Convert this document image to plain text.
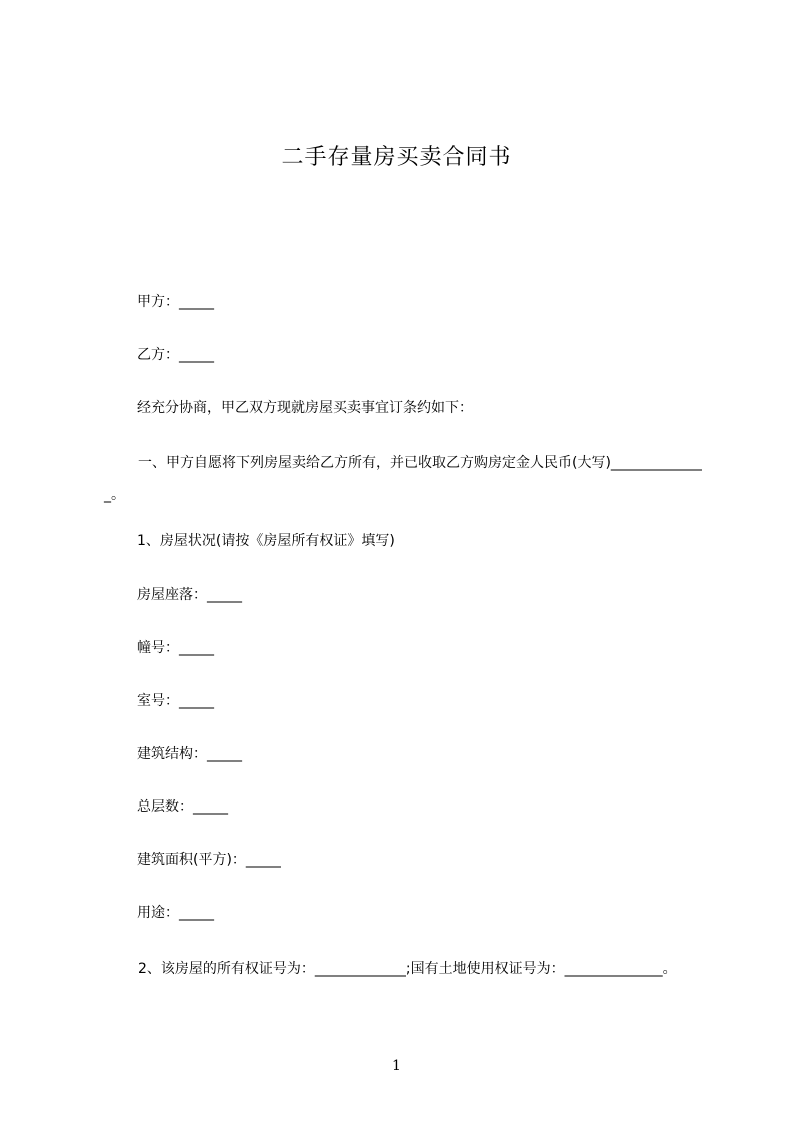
二手存量房买卖合同书
甲方：_____
乙方：_____
经充分协商，甲乙双方现就房屋买卖事宜订条约如下：
一、甲方自愿将下列房屋卖给乙方所有，并已收取乙方购房定金人民币(大写)______________。
1、房屋状况(请按《房屋所有权证》填写)
房屋座落：_____
幢号：_____
室号：_____
建筑结构：_____
总层数：_____
建筑面积(平方)：_____
用途：_____
2、该房屋的所有权证号为：_____________;国有土地使用权证号为：______________。
1
